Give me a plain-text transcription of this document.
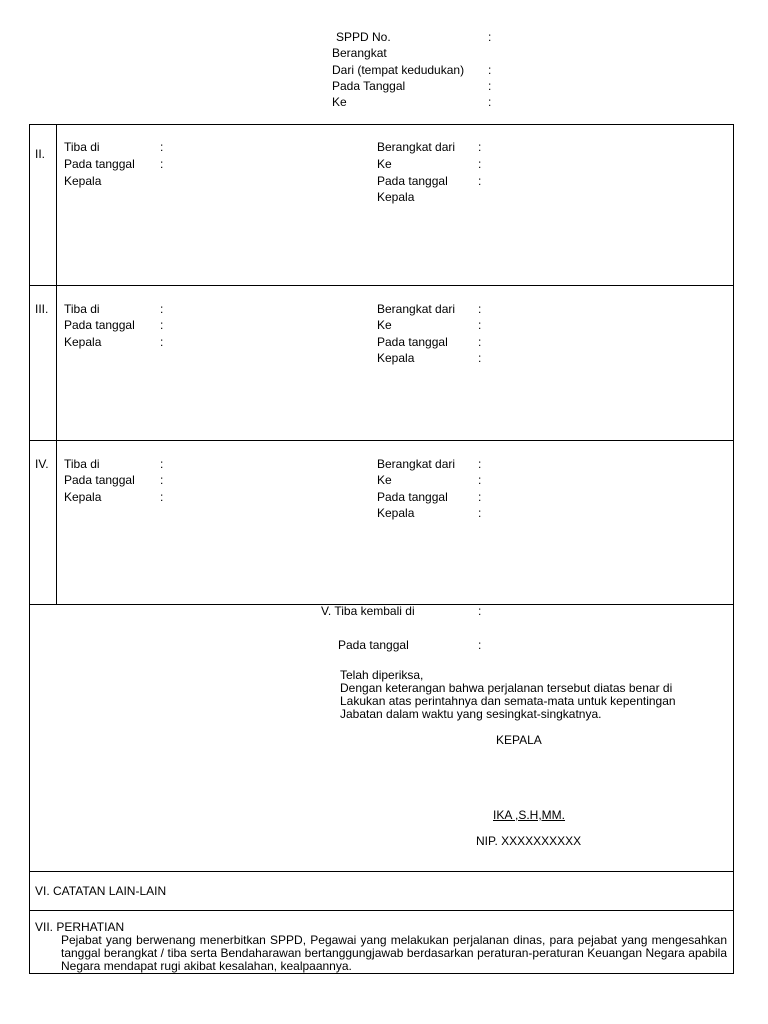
SPPD No.	:
Berangkat
Dari (tempat kedudukan) :
Pada Tanggal	:
Ke	:
II. Tiba di	:
Pada tanggal :
Kepala
Berangkat dari :
Ke	:
Pada tanggal	:
Kepala
III. Tiba di	:
Pada tanggal :
Kepala	:
Berangkat dari :
Ke	:
Pada tanggal	:
Kepala	:
IV. Tiba di	:
Pada tanggal :
Kepala	:
Berangkat dari :
Ke	:
Pada tanggal	:
Kepala	:
V. Tiba kembali di	:
Pada tanggal	:
Telah diperiksa,
Dengan keterangan bahwa perjalanan tersebut diatas benar di
Lakukan atas perintahnya dan semata-mata untuk kepentingan
Jabatan dalam waktu yang sesingkat-singkatnya.
KEPALA
IKA ,S.H,MM.
NIP. XXXXXXXXXX
VI. CATATAN LAIN-LAIN
VII. PERHATIAN
Pejabat yang berwenang menerbitkan SPPD, Pegawai yang melakukan perjalanan dinas, para pejabat yang mengesahkan tanggal berangkat / tiba serta Bendaharawan bertanggungjawab berdasarkan peraturan-peraturan Keuangan Negara apabila Negara mendapat rugi akibat kesalahan, kealpaannya.
